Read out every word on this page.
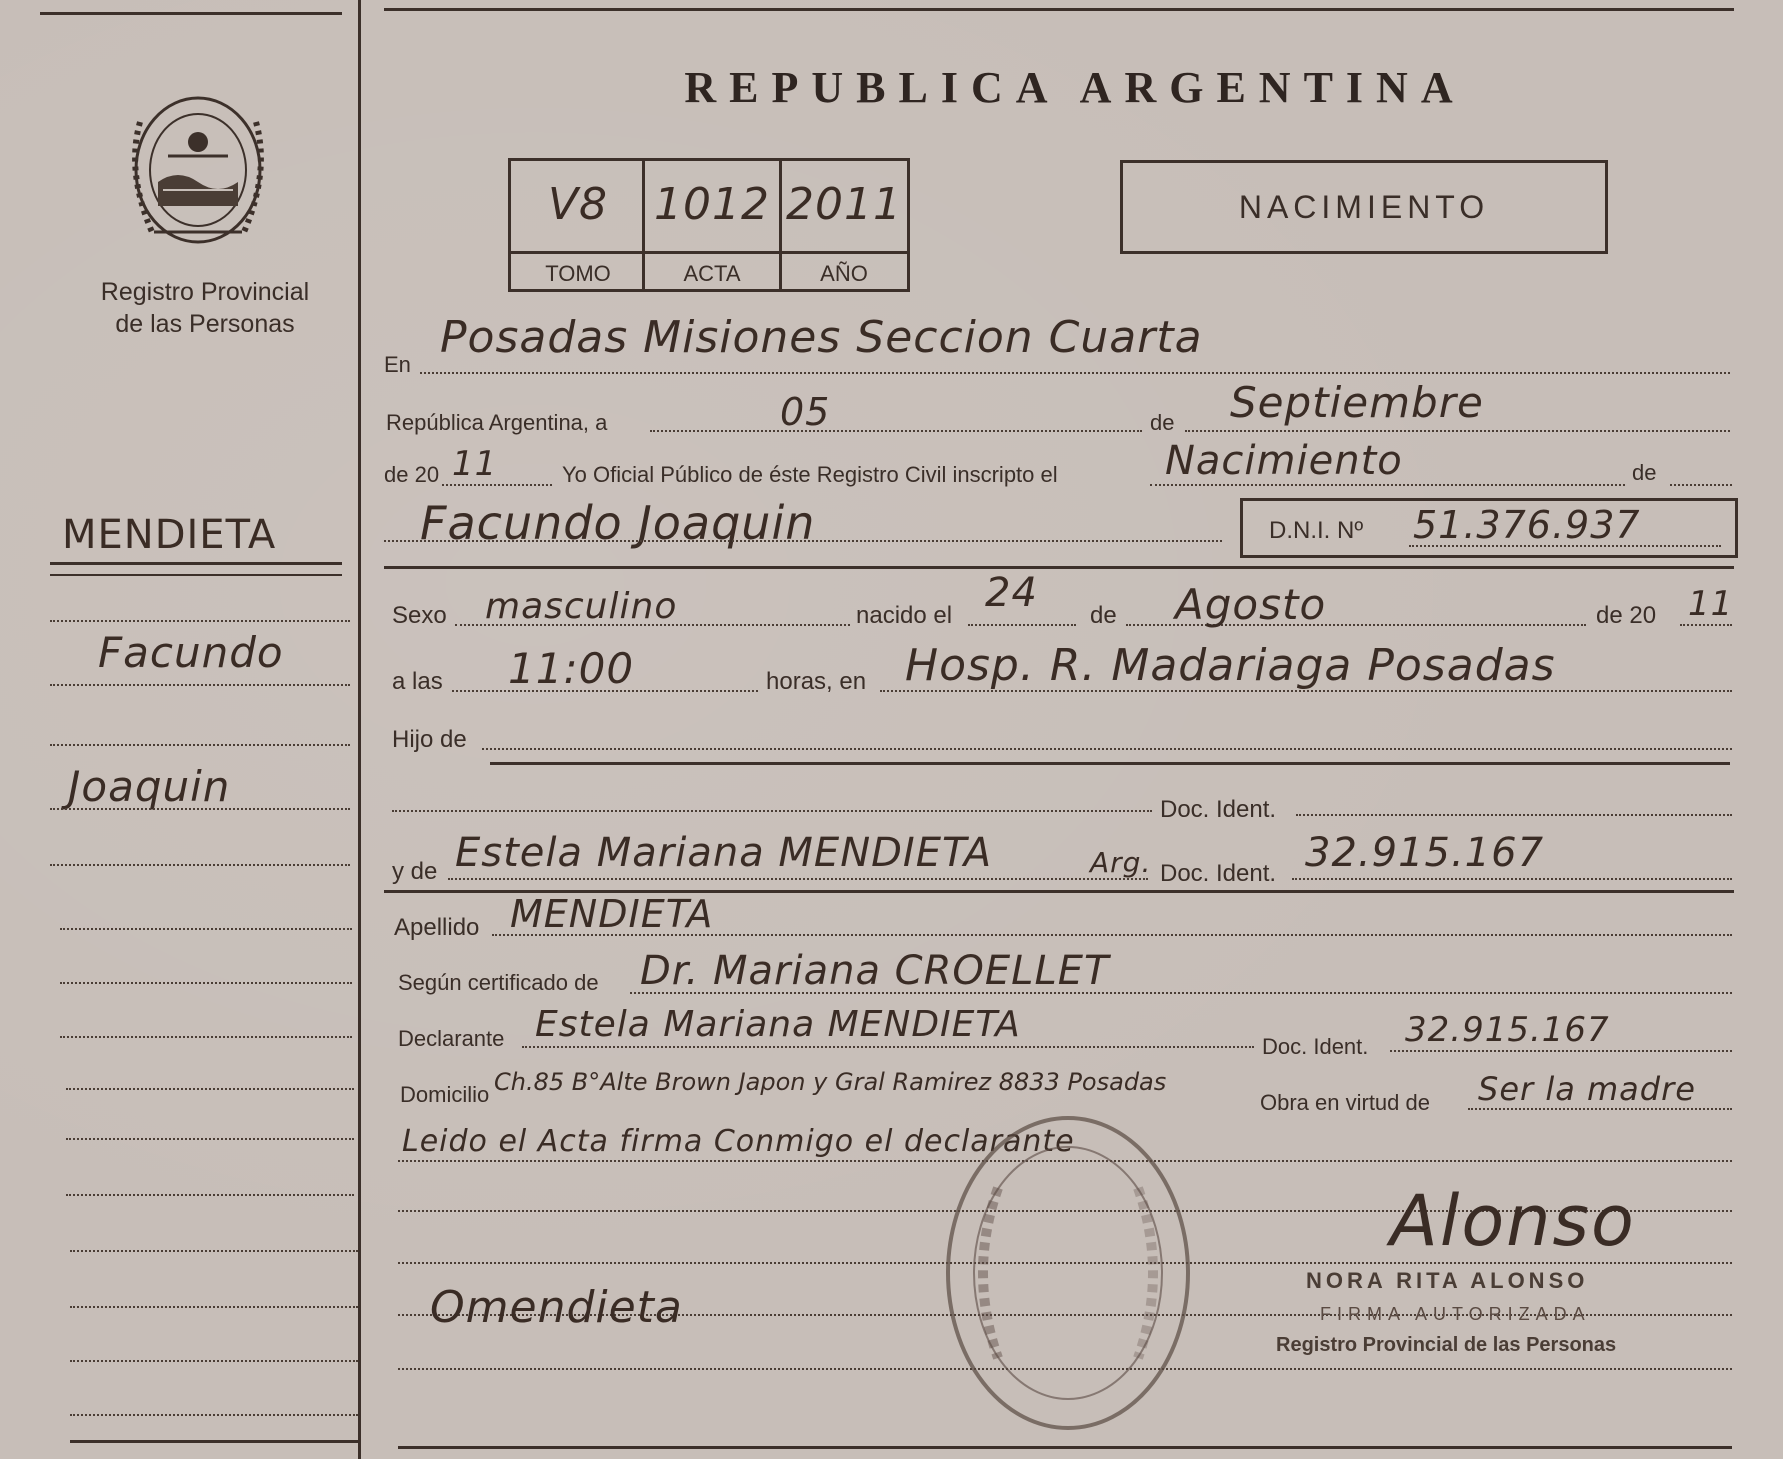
Registro Provincial
de las Personas
REPUBLICA ARGENTINA
V8	1012 2011
TOMO	ACTA	AÑO
NACIMIENTO
En
Posadas Misiones Seccion Cuarta
República Argentina, a	05	de Septiembre
de 20 11	Yo Oficial Público de éste Registro Civil inscripto el	Nacimiento	de
Facundo Joaquin	D.N.I. Nº 51.376.937
Sexo masculino	nacido el 24 de Agosto	de 20 11
a las 11:00	horas, en Hosp. R. Madariaga Posadas
Hijo de
Doc. Ident.
y de Estela Mariana MENDIETA	Arg. Doc. Ident. 32.915.167
Apellido MENDIETA
Según certificado de Dr. Mariana CROELLET
Declarante Estela Mariana MENDIETA
Doc. Ident. 32.915.167
Domicilio Ch.85 B°Alte Brown Japon y Gral Ramirez 8833 Posadas
Obra en virtud de Ser la madre
Leido el Acta firma Conmigo el declarante
Alonso
NORA RITA ALONSO
FIRMA AUTORIZADA
Registro Provincial de las Personas
MENDIETA
Facundo
Joaquin
Omendieta
